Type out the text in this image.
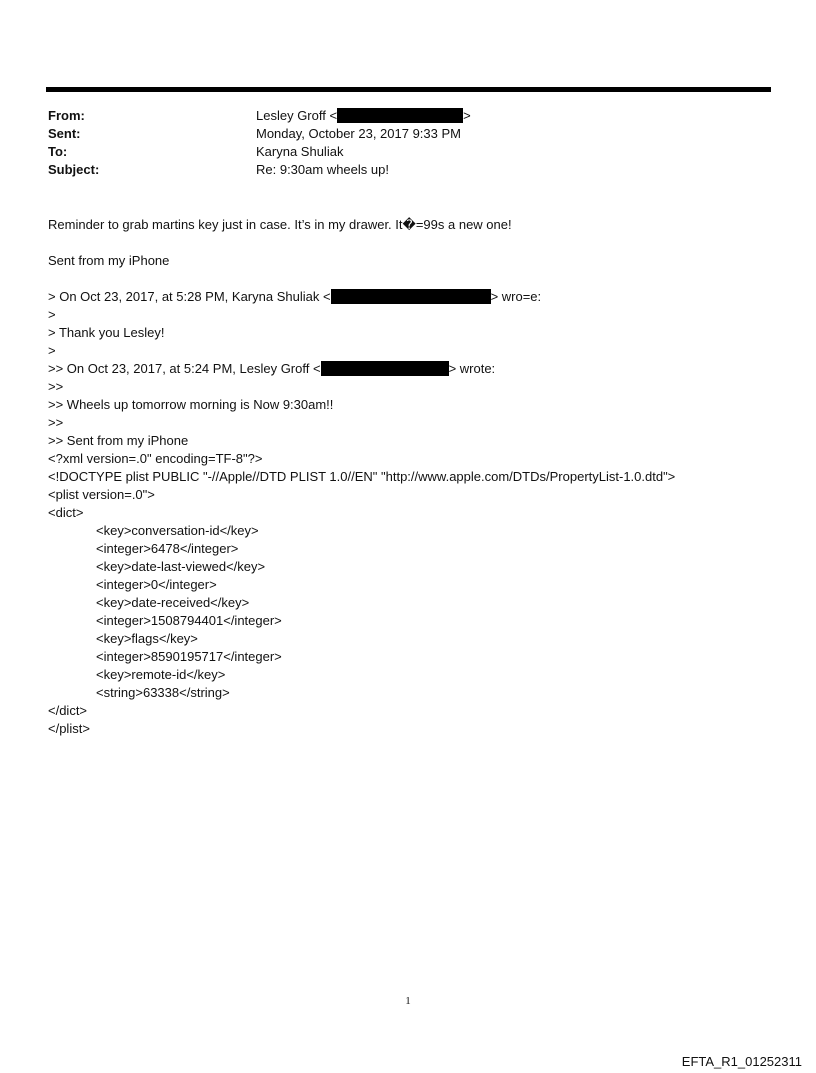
From:	Lesley Groff <	>
Sent:	Monday, October 23, 2017 9:33 PM
To:	Karyna Shuliak
Subject:	Re: 9:30am wheels up!
Reminder to grab martins key just in case. It’s in my drawer. It�=99s a new one!
Sent from my iPhone
> On Oct 23, 2017, at 5:28 PM, Karyna Shuliak <	> wro=e:
>
> Thank you Lesley!
>
>> On Oct 23, 2017, at 5:24 PM, Lesley Groff <	> wrote:
>>
>> Wheels up tomorrow morning is Now 9:30am!!
>>
>> Sent from my iPhone
<?xml version=.0" encoding=TF-8"?>
<!DOCTYPE plist PUBLIC "-//Apple//DTD PLIST 1.0//EN" "http://www.apple.com/DTDs/PropertyList-1.0.dtd">
<plist version=.0">
<dict>
<key>conversation-id</key>
<integer>6478</integer>
<key>date-last-viewed</key>
<integer>0</integer>
<key>date-received</key>
<integer>1508794401</integer>
<key>flags</key>
<integer>8590195717</integer>
<key>remote-id</key>
<string>63338</string>
</dict>
</plist>
1
EFTA_R1_01252311
